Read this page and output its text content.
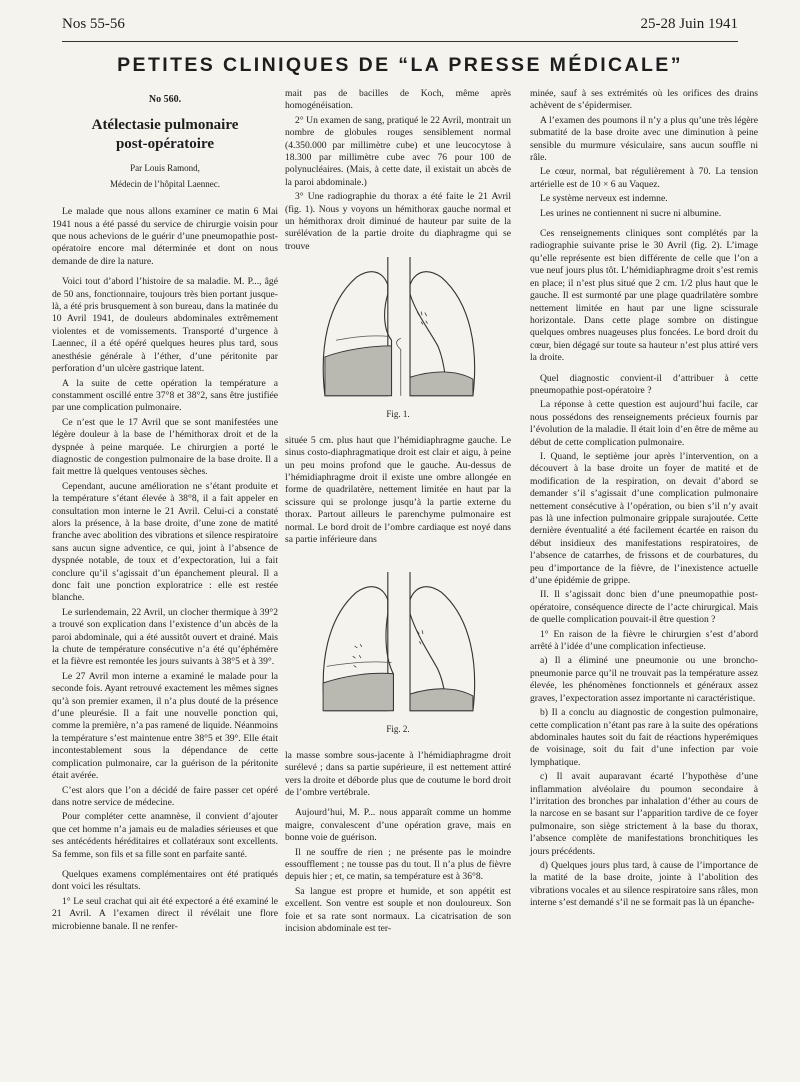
Nos 55-56	25-28 Juin 1941
PETITES CLINIQUES DE “LA PRESSE MÉDICALE”
No 560.
Atélectasie pulmonaire
post-opératoire
Par Louis Ramond,
Médecin de l’hôpital Laennec.

Le malade que nous allons examiner ce matin 6 Mai 1941 nous a été passé du service de chirurgie voisin pour que nous achevions de le guérir d’une pneumopathie post-opératoire encore mal déterminée et dont on nous demande de dire la nature.

Voici tout d’abord l’histoire de sa maladie. M. P..., âgé de 50 ans, fonctionnaire, toujours très bien portant jusque-là, a été pris brusquement à son bureau, dans la matinée du 10 Avril 1941, de douleurs abdominales extrêmement violentes et de vomissements. Transporté d’urgence à Laennec, il a été opéré quelques heures plus tard, sous anesthésie générale à l’éther, d’une péritonite par perforation d’un ulcère gastrique latent.

A la suite de cette opération la température a constamment oscillé entre 37°8 et 38°2, sans être justifiée par une complication pulmonaire.

Ce n’est que le 17 Avril que se sont manifestées une légère douleur à la base de l’hémithorax droit et de la dyspnée à peine marquée. Le chirurgien a porté le diagnostic de congestion pulmonaire de la base droite. Il a fait mettre là quelques ventouses sèches.

Cependant, aucune amélioration ne s’étant produite et la température s’étant élevée à 38°8, il a fait appeler en consultation mon interne le 21 Avril. Celui-ci a constaté alors la présence, à la base droite, d’une zone de matité franche avec abolition des vibrations et silence respiratoire sans aucun signe adventice, ce qui, joint à l’absence de dyspnée notable, de toux et d’expectoration, lui a fait conclure qu’il s’agissait d’un épanchement pleural. Il a donc fait une ponction exploratrice : elle est restée blanche.

Le surlendemain, 22 Avril, un clocher thermique à 39°2 a trouvé son explication dans l’existence d’un abcès de la paroi abdominale, qui a été aussitôt ouvert et drainé. Mais la chute de température consécutive n’a été qu’éphémère et la fièvre est remontée les jours suivants à 38°5 et à 39°.

Le 27 Avril mon interne a examiné le malade pour la seconde fois. Ayant retrouvé exactement les mêmes signes qu’à son premier examen, il n’a plus douté de la présence d’une pleurésie. Il a fait une nouvelle ponction qui, comme la première, n’a pas ramené de liquide. Néanmoins la température s’est maintenue entre 38°5 et 39°. Elle était incontestablement sous la dépendance de cette complication pulmonaire, car la guérison de la péritonite était avérée.

C’est alors que l’on a décidé de faire passer cet opéré dans notre service de médecine.

Pour compléter cette anamnèse, il convient d’ajouter que cet homme n’a jamais eu de maladies sérieuses et que ses antécédents héréditaires et collatéraux sont excellents. Sa femme, son fils et sa fille sont en parfaite santé.

Quelques examens complémentaires ont été pratiqués dont voici les résultats.

1° Le seul crachat qui ait été expectoré a été examiné le 21 Avril. A l’examen direct il révélait une flore microbienne banale. Il ne renfer-

mait pas de bacilles de Koch, même après homogénéisation.

2° Un examen de sang, pratiqué le 22 Avril, montrait un nombre de globules rouges sensiblement normal (4.350.000 par millimètre cube) et une leucocytose à 18.300 par millimètre cube avec 76 pour 100 de polynucléaires. (Mais, à cette date, il existait un abcès de la paroi abdominale.)

3° Une radiographie du thorax a été faite le 21 Avril (fig. 1). Nous y voyons un hémithorax gauche normal et un hémithorax droit diminué de hauteur par suite de la surélévation de la partie droite du diaphragme qui se trouve

Fig. 1.

située 5 cm. plus haut que l’hémidiaphragme gauche. Le sinus costo-diaphragmatique droit est clair et aigu, à peine un peu moins profond que le gauche. Au-dessus de l’hémidiaphragme droit il existe une ombre allongée en forme de quadrilatère, nettement limitée en haut par la scissure qui se prolonge jusqu’à la partie externe du thorax. Partout ailleurs le parenchyme pulmonaire est normal. Le bord droit de l’ombre cardiaque est noyé dans sa partie inférieure dans

Fig. 2.

la masse sombre sous-jacente à l’hémidiaphragme droit surélevé ; dans sa partie supérieure, il est nettement attiré vers la droite et déborde plus que de coutume le bord droit de l’ombre vertébrale.

Aujourd’hui, M. P... nous apparaît comme un homme maigre, convalescent d’une opération grave, mais en bonne voie de guérison.

Il ne souffre de rien ; ne présente pas le moindre essoufflement ; ne tousse pas du tout. Il n’a plus de fièvre depuis hier ; et, ce matin, sa température est à 36°8.

Sa langue est propre et humide, et son appétit est excellent. Son ventre est souple et non douloureux. Son foie et sa rate sont normaux. La cicatrisation de son incision abdominale est ter-

minée, sauf à ses extrémités où les orifices des drains achèvent de s’épidermiser.

A l’examen des poumons il n’y a plus qu’une très légère submatité de la base droite avec une diminution à peine sensible du murmure vésiculaire, sans aucun souffle ni râle.

Le cœur, normal, bat régulièrement à 70. La tension artérielle est de 10 × 6 au Vaquez.

Le système nerveux est indemne.

Les urines ne contiennent ni sucre ni albumine.

Ces renseignements cliniques sont complétés par la radiographie suivante prise le 30 Avril (fig. 2). L’image qu’elle représente est bien différente de celle que l’on a vue neuf jours plus tôt. L’hémidiaphragme droit s’est remis en place; il n’est plus situé que 2 cm. 1/2 plus haut que le gauche. Il est surmonté par une plage quadrilatère sombre nettement limitée en haut par une ligne scissurale horizontale. Dans cette plage sombre on distingue quelques ombres nuageuses plus foncées. Le bord droit du cœur, bien dégagé sur toute sa hauteur n’est plus attiré vers la droite.

Quel diagnostic convient-il d’attribuer à cette pneumopathie post-opératoire ?

La réponse à cette question est aujourd’hui facile, car nous possédons des renseignements précieux fournis par l’évolution de la maladie. Il était loin d’en être de même au début de cette complication pulmonaire.

I. Quand, le septième jour après l’intervention, on a découvert à la base droite un foyer de matité et de modification de la respiration, on devait d’abord se demander s’il s’agissait d’une complication pulmonaire nettement consécutive à l’opération, ou bien s’il n’y avait pas là une infection pulmonaire grippale surajoutée. Cette dernière éventualité a été facilement écartée en raison du début insidieux des manifestations respiratoires, de l’absence de catarrhes, de frissons et de courbatures, du peu d’importance de la fièvre, de l’inexistence actuelle d’une épidémie de grippe.

II. Il s’agissait donc bien d’une pneumopathie post-opératoire, conséquence directe de l’acte chirurgical. Mais de quelle complication pouvait-il être question ?

1° En raison de la fièvre le chirurgien s’est d’abord arrêté à l’idée d’une complication infectieuse.

a) Il a éliminé une pneumonie ou une broncho-pneumonie parce qu’il ne trouvait pas la température assez élevée, les phénomènes fonctionnels et généraux assez graves, l’expectoration assez importante ni caractéristique.

b) Il a conclu au diagnostic de congestion pulmonaire, cette complication n’étant pas rare à la suite des opérations abdominales hautes soit du fait de réactions hyperémiques de voisinage, soit du fait d’une infection par voie lymphatique.

c) Il avait auparavant écarté l’hypothèse d’une inflammation alvéolaire du poumon secondaire à l’irritation des bronches par inhalation d’éther au cours de la narcose en se basant sur l’apparition tardive de ce foyer pulmonaire, son siège strictement à la base du thorax, l’absence complète de manifestations bronchitiques les jours précédents.

d) Quelques jours plus tard, à cause de l’importance de la matité de la base droite, jointe à l’abolition des vibrations vocales et au silence respiratoire sans râles, mon interne s’est demandé s’il ne se formait pas là un épanche-
